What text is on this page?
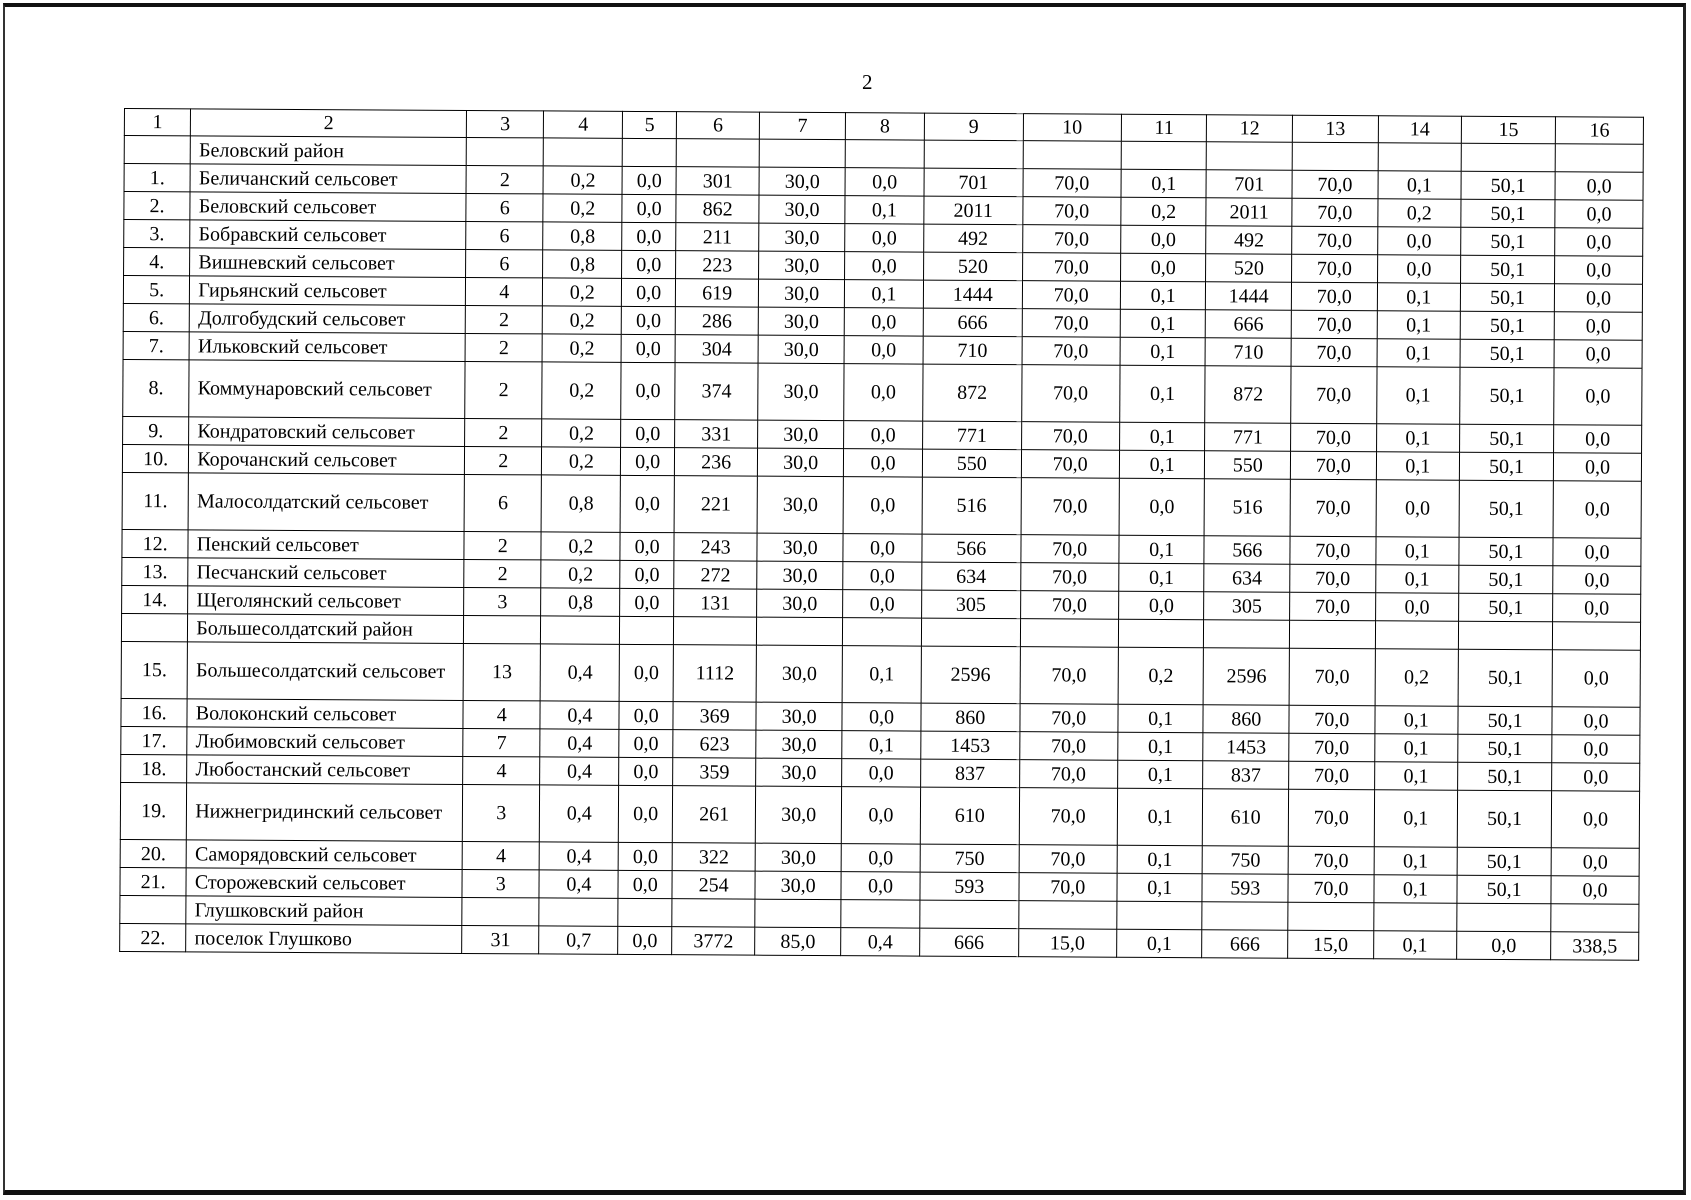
2
1	2	3	4	5	6	7	8	9	10	11	12	13	14	15	16
	Беловский район														
1.	Беличанский сельсовет	2	0,2	0,0	301	30,0	0,0	701	70,0	0,1	701	70,0	0,1	50,1	0,0
2.	Беловский сельсовет	6	0,2	0,0	862	30,0	0,1	2011	70,0	0,2	2011	70,0	0,2	50,1	0,0
3.	Бобравский сельсовет	6	0,8	0,0	211	30,0	0,0	492	70,0	0,0	492	70,0	0,0	50,1	0,0
4.	Вишневский сельсовет	6	0,8	0,0	223	30,0	0,0	520	70,0	0,0	520	70,0	0,0	50,1	0,0
5.	Гирьянский сельсовет	4	0,2	0,0	619	30,0	0,1	1444	70,0	0,1	1444	70,0	0,1	50,1	0,0
6.	Долгобудский сельсовет	2	0,2	0,0	286	30,0	0,0	666	70,0	0,1	666	70,0	0,1	50,1	0,0
7.	Ильковский сельсовет	2	0,2	0,0	304	30,0	0,0	710	70,0	0,1	710	70,0	0,1	50,1	0,0
8.	Коммунаровский сельсовет	2	0,2	0,0	374	30,0	0,0	872	70,0	0,1	872	70,0	0,1	50,1	0,0
9.	Кондратовский сельсовет	2	0,2	0,0	331	30,0	0,0	771	70,0	0,1	771	70,0	0,1	50,1	0,0
10.	Корочанский сельсовет	2	0,2	0,0	236	30,0	0,0	550	70,0	0,1	550	70,0	0,1	50,1	0,0
11.	Малосолдатский сельсовет	6	0,8	0,0	221	30,0	0,0	516	70,0	0,0	516	70,0	0,0	50,1	0,0
12.	Пенский сельсовет	2	0,2	0,0	243	30,0	0,0	566	70,0	0,1	566	70,0	0,1	50,1	0,0
13.	Песчанский сельсовет	2	0,2	0,0	272	30,0	0,0	634	70,0	0,1	634	70,0	0,1	50,1	0,0
14.	Щеголянский сельсовет	3	0,8	0,0	131	30,0	0,0	305	70,0	0,0	305	70,0	0,0	50,1	0,0
	Большесолдатский район														
15.	Большесолдатский сельсовет	13	0,4	0,0	1112	30,0	0,1	2596	70,0	0,2	2596	70,0	0,2	50,1	0,0
16.	Волоконский сельсовет	4	0,4	0,0	369	30,0	0,0	860	70,0	0,1	860	70,0	0,1	50,1	0,0
17.	Любимовский сельсовет	7	0,4	0,0	623	30,0	0,1	1453	70,0	0,1	1453	70,0	0,1	50,1	0,0
18.	Любостанский сельсовет	4	0,4	0,0	359	30,0	0,0	837	70,0	0,1	837	70,0	0,1	50,1	0,0
19.	Нижнегридинский сельсовет	3	0,4	0,0	261	30,0	0,0	610	70,0	0,1	610	70,0	0,1	50,1	0,0
20.	Саморядовский сельсовет	4	0,4	0,0	322	30,0	0,0	750	70,0	0,1	750	70,0	0,1	50,1	0,0
21.	Сторожевский сельсовет	3	0,4	0,0	254	30,0	0,0	593	70,0	0,1	593	70,0	0,1	50,1	0,0
	Глушковский район														
22.	поселок Глушково	31	0,7	0,0	3772	85,0	0,4	666	15,0	0,1	666	15,0	0,1	0,0	338,5
